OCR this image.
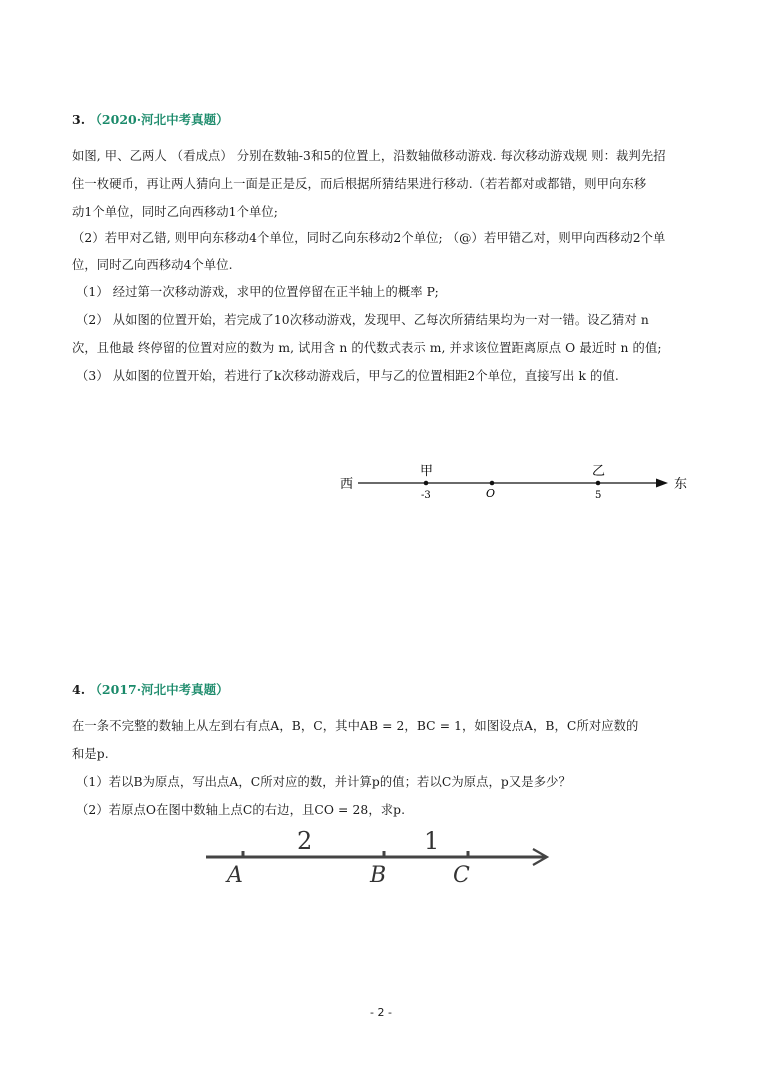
3. （2020·河北中考真题）
如图, 甲、乙两人 （看成点） 分别在数轴-3和5的位置上，沿数轴做移动游戏. 每次移动游戏规 则：裁判先招
住一枚硬币，再让两人猜向上一面是正是反，而后根据所猜结果进行移动.（若若都对或都错，则甲向东移
动1个单位，同时乙向西移动1个单位;
（2）若甲对乙错, 则甲向东移动4个单位，同时乙向东移动2个单位; （@）若甲错乙对，则甲向西移动2个单
位，同时乙向西移动4个单位.
（1） 经过第一次移动游戏，求甲的位置停留在正半轴上的概率 P;
（2） 从如图的位置开始，若完成了10次移动游戏，发现甲、乙每次所猜结果均为一对一错。设乙猜对 n
次，且他最 终停留的位置对应的数为 m, 试用含 n 的代数式表示 m, 并求该位置距离原点 O 最近时 n 的值;
（3） 从如图的位置开始，若进行了k次移动游戏后，甲与乙的位置相距2个单位，直接写出 k 的值.
西	东
甲
-3	O
乙
5
4. （2017·河北中考真题）
在一条不完整的数轴上从左到右有点A，B，C，其中AB = 2，BC = 1，如图设点A，B，C所对应数的
和是p.
（1）若以B为原点，写出点A，C所对应的数，并计算p的值；若以C为原点，p又是多少？
（2）若原点O在图中数轴上点C的右边，且CO = 28，求p.
2	1
A	B	C
- 2 -
